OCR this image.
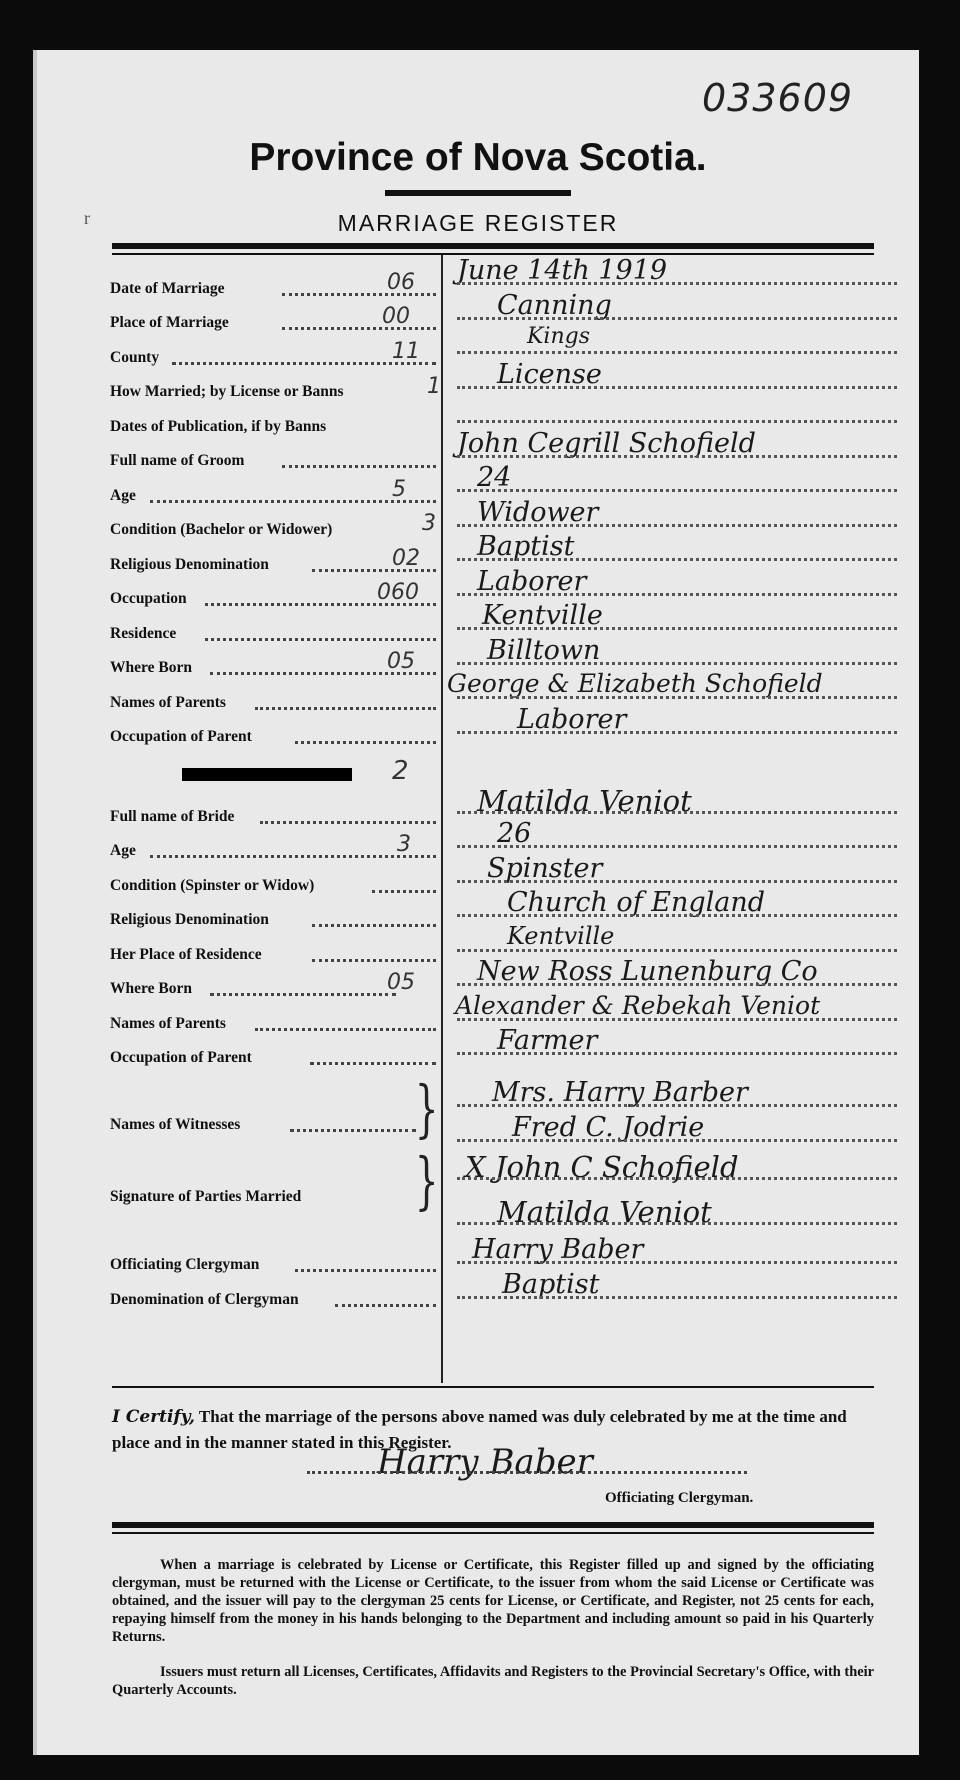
033609
Province of Nova Scotia.
MARRIAGE REGISTER
Date of Marriage
Place of Marriage
County
How Married; by License or Banns
Dates of Publication, if by Banns
Full name of Groom
Age
Condition (Bachelor or Widower)
Religious Denomination
Occupation
Residence
Where Born
Names of Parents
Occupation of Parent
June 14th 1919
Canning
Kings
License
John Cegrill Schofield
24
Widower
Baptist
Laborer
Kentville
Billtown
George & Elizabeth Schofield
Laborer
06
00
11
1
5
3
02
060
05
2
Full name of Bride
Age
Condition (Spinster or Widow)
Religious Denomination
Her Place of Residence
Where Born
Names of Parents
Occupation of Parent
Matilda Veniot
26
Spinster
Church of England
Kentville
New Ross Lunenburg Co
Alexander & Rebekah Veniot
Farmer
3
05
Names of Witnesses	} Mrs. Harry Barber
Fred C. Jodrie
Signature of Parties Married } X John C Schofield
Matilda Veniot
Officiating Clergyman
Denomination of Clergyman
Harry Baber
Baptist
I Certify, That the marriage of the persons above named was duly celebrated by me at the time and place and in the manner stated in this Register.
Harry Baber
Officiating Clergyman.
When a marriage is celebrated by License or Certificate, this Register filled up and signed by the officiating clergyman, must be returned with the License or Certificate, to the issuer from whom the said License or Certificate was obtained, and the issuer will pay to the clergyman 25 cents for License, or Certificate, and Register, not 25 cents for each, repaying himself from the money in his hands belonging to the Department and including amount so paid in his Quarterly Returns.
Issuers must return all Licenses, Certificates, Affidavits and Registers to the Provincial Secretary's Office, with their Quarterly Accounts.
r
